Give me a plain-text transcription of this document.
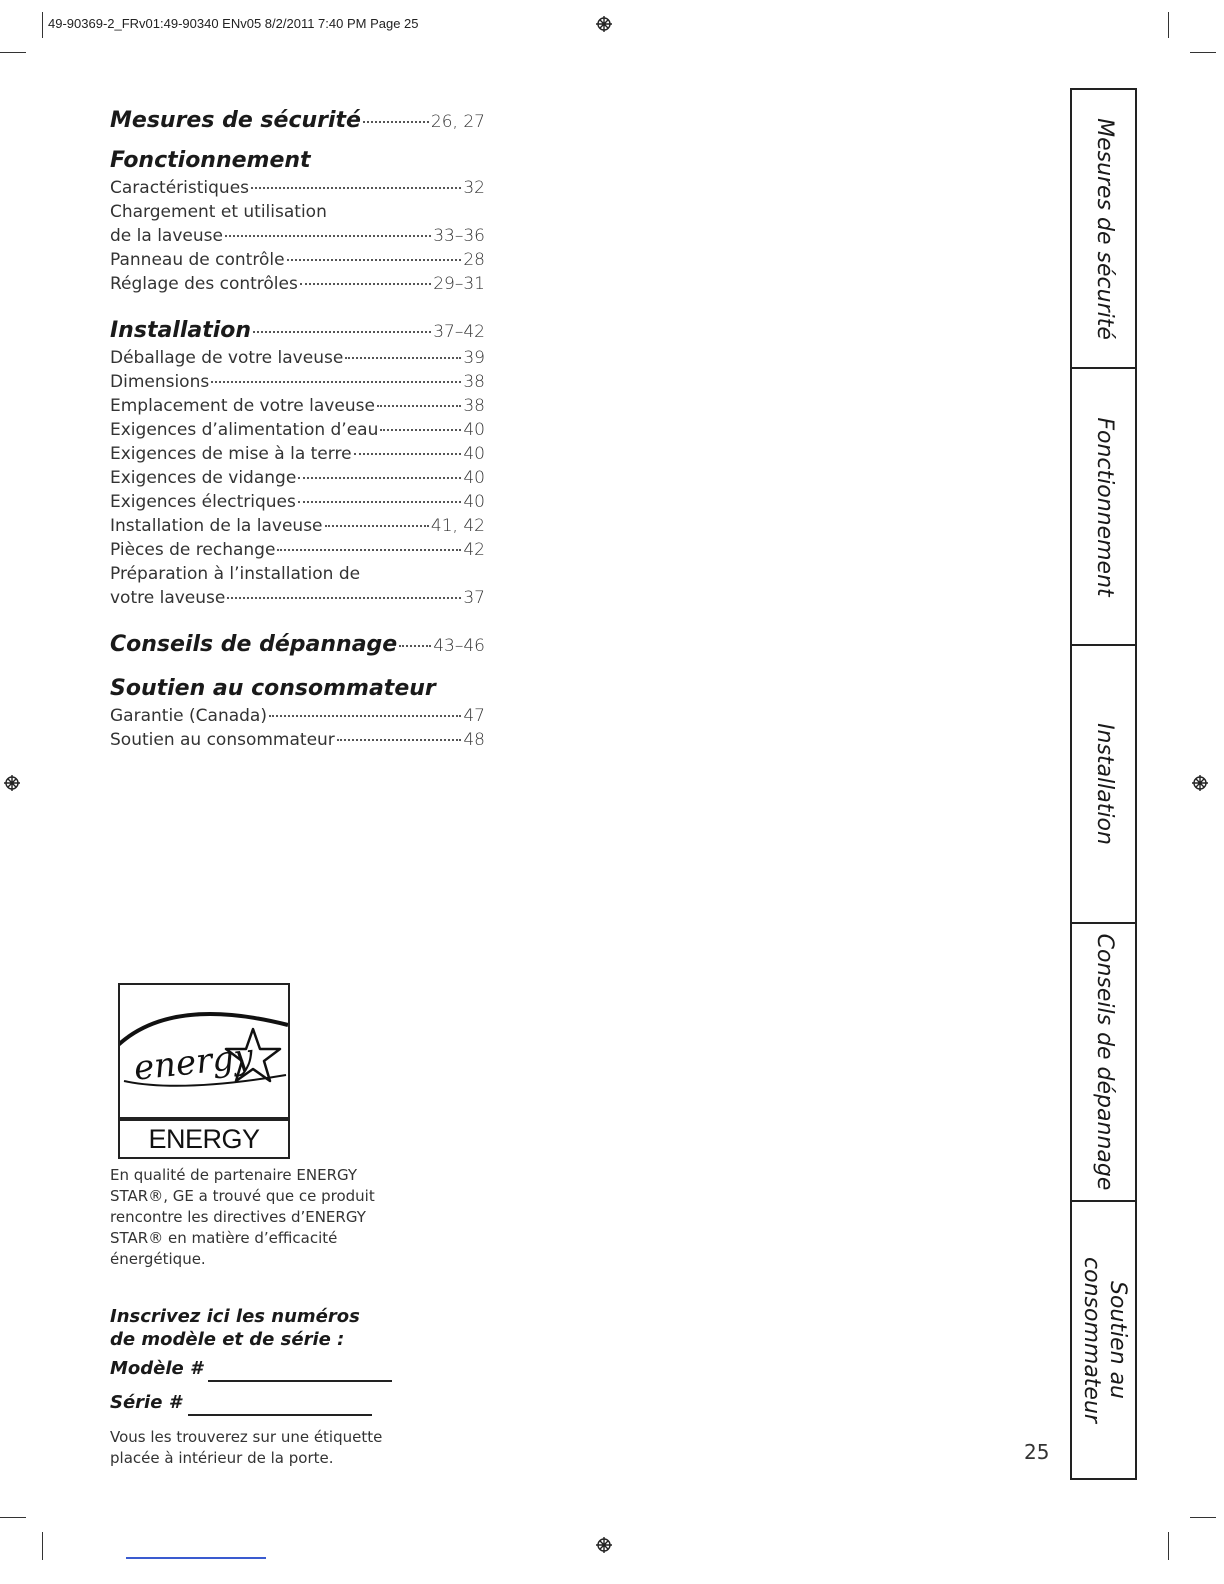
49-90369-2_FRv01:49-90340 ENv05 8/2/2011 7:40 PM Page 25
Mesures de sécurité	26, 27
Fonctionnement
Caractéristiques	32
Chargement et utilisation
de la laveuse	33–36
Panneau de contrôle	28
Réglage des contrôles	29–31
Installation	37–42
Déballage de votre laveuse	39
Dimensions	38
Emplacement de votre laveuse	38
Exigences d’alimentation d’eau	40
Exigences de mise à la terre	40
Exigences de vidange	40
Exigences électriques	40
Installation de la laveuse	41, 42
Pièces de rechange	42
Préparation à l’installation de
votre laveuse	37
Conseils de dépannage 43–46
Soutien au consommateur
Garantie (Canada)	47
Soutien au consommateur	48
energy
ENERGY
En qualité de partenaire ENERGY STAR®, GE a trouvé que ce produit rencontre les directives d’ENERGY STAR® en matière d’efficacité énergétique.
Inscrivez ici les numéros
de modèle et de série :
Modèle #
Série #
Vous les trouverez sur une étiquette placée à intérieur de la porte.	25
Mesures de sécurité
Fonctionnement
Installation
Conseils de dépannage
Soutien au
consommateur
